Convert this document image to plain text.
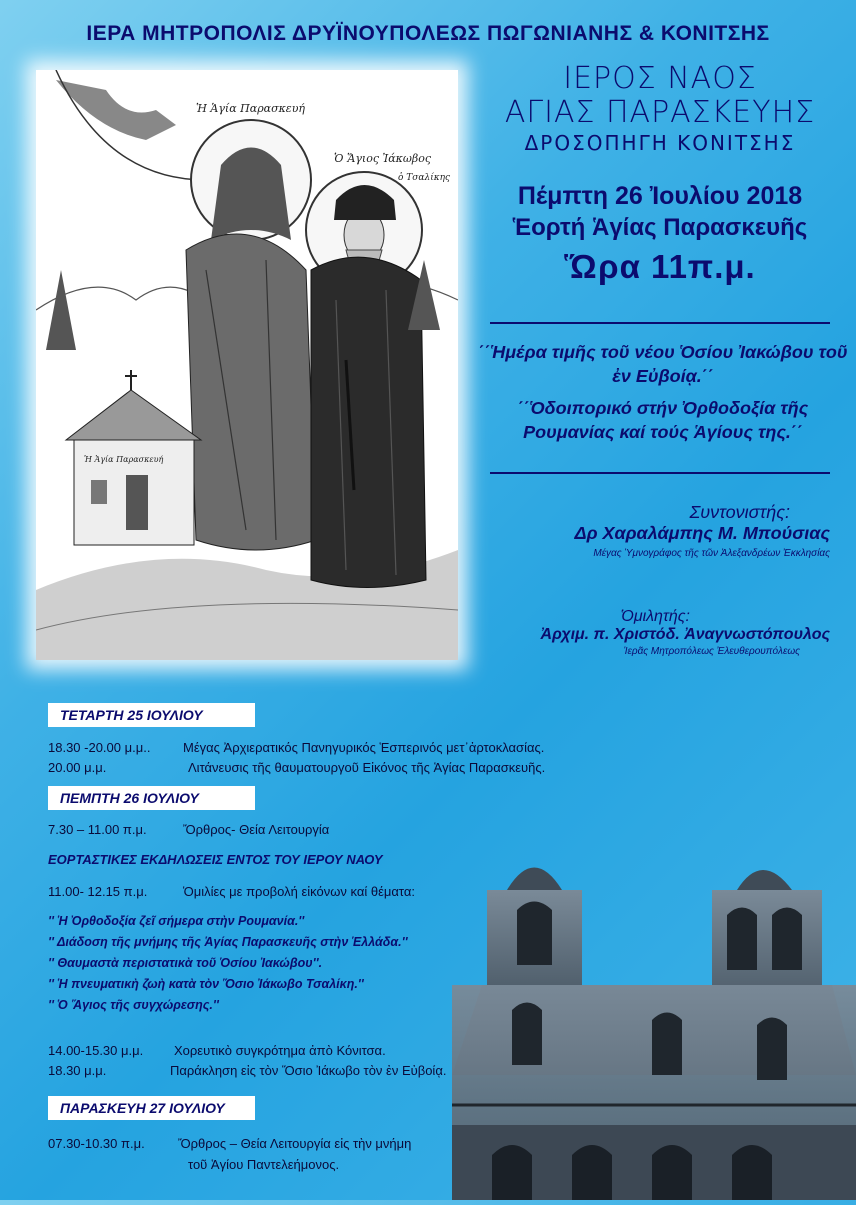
ΙΕΡΑ ΜΗΤΡΟΠΟΛΙΣ ΔΡΥΪΝΟΥΠΟΛΕΩΣ ΠΩΓΩΝΙΑΝΗΣ & ΚΟΝΙΤΣΗΣ
Ἡ Ἁγία Παρασκευή
Ὁ Ἅγιος Ἰάκωβος
ὁ Τσαλίκης
Ἡ Ἁγία Παρασκευή
ΙΕΡΟΣ ΝΑΟΣ
ΑΓΙΑΣ ΠΑΡΑΣΚΕΥΗΣ
ΔΡΟΣΟΠΗΓΗ ΚΟΝΙΤΣΗΣ
Πέμπτη 26 Ἰουλίου 2018
Ἑορτή Ἁγίας Παρασκευῆς
Ὥρα 11π.μ.

΄΄Ἡμέρα τιμῆς τοῦ νέου Ὁσίου Ἰακώβου τοῦ ἐν Εὐβοίᾳ.΄΄

΄΄Ὁδοιπορικό στήν Ὀρθοδοξία τῆς Ρουμανίας καί τούς Ἁγίους της.΄΄

Συντονιστής:
Δρ Χαραλάμπης Μ. Μπούσιας
Μέγας Ὑμνογράφος τῆς τῶν Ἀλεξανδρέων Ἐκκλησίας
Ὁμιλητής:
Ἀρχιμ. π. Χριστόδ. Ἀναγνωστόπουλος
Ἱερᾶς Μητροπόλεως Ἐλευθερουπόλεως
ΤΕΤΑΡΤΗ 25 ΙΟΥΛΙΟΥ
18.30 -20.00 μ.μ..	Μέγας Ἀρχιερατικός Πανηγυρικός Ἑσπερινός μετ᾽ἀρτοκλασίας.
20.00 μ.μ.	Λιτάνευσις τῆς θαυματουργοῦ Εἰκόνος τῆς Ἁγίας Παρασκευῆς.
ΠΕΜΠΤΗ 26 ΙΟΥΛΙΟΥ
7.30 – 11.00 π.μ.	Ὄρθρος- Θεία Λειτουργία
ΕΟΡΤΑΣΤΙΚΕΣ ΕΚΔΗΛΩΣΕΙΣ ΕΝΤΟΣ ΤΟΥ ΙΕΡΟΥ ΝΑΟΥ
11.00- 12.15 π.μ.	Ὁμιλίες με προβολή εἰκόνων καί θέματα:
'' Ἡ Ὀρθοδοξία ζεῖ σήμερα στὴν Ρουμανία.''
'' Διάδοση τῆς μνήμης τῆς Ἁγίας Παρασκευῆς στὴν Ἑλλάδα.''
'' Θαυμαστὰ περιστατικὰ τοῦ Ὁσίου Ἰακώβου''.
'' Ἡ πνευματικὴ ζωὴ κατὰ τὸν Ὅσιο Ἰάκωβο Τσαλίκη.''
'' Ὁ Ἅγιος τῆς συγχώρεσης.''
14.00-15.30 μ.μ. Χορευτικὸ συγκρότημα ἀπὸ Κόνιτσα.
18.30 μ.μ.	Παράκληση εἰς τὸν Ὅσιο Ἰάκωβο τὸν ἐν Εὐβοίᾳ.
ΠΑΡΑΣΚΕΥΗ 27 ΙΟΥΛΙΟΥ
07.30-10.30 π.μ.	Ὄρθρος – Θεία Λειτουργία εἰς τὴν μνήμη
τοῦ Ἁγίου Παντελεήμονος.
